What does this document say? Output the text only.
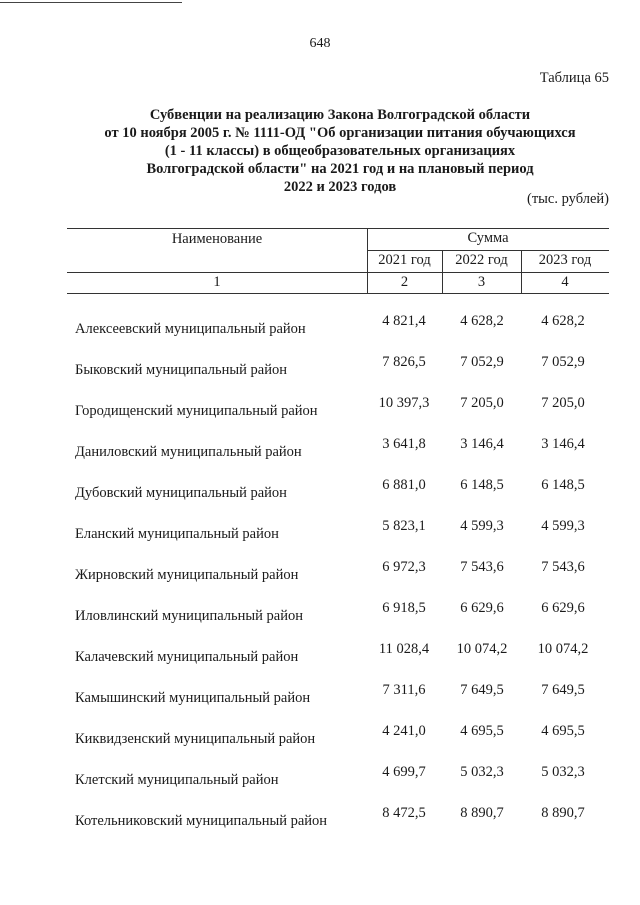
648
Таблица 65
Субвенции на реализацию Закона Волгоградской области
от 10 ноября 2005 г. № 1111-ОД "Об организации питания обучающихся
(1 - 11 классы) в общеобразовательных организациях
Волгоградской области" на 2021 год и на плановый период
2022 и 2023 годов
(тыс. рублей)
Наименование	Сумма
2021 год	2022 год	2023 год
1	2	3	4
Алексеевский муниципальный район	4 821,4	4 628,2	4 628,2
Быковский муниципальный район	7 826,5	7 052,9	7 052,9
Городищенский муниципальный район	10 397,3	7 205,0	7 205,0
Даниловский муниципальный район	3 641,8	3 146,4	3 146,4
Дубовский муниципальный район	6 881,0	6 148,5	6 148,5
Еланский муниципальный район	5 823,1	4 599,3	4 599,3
Жирновский муниципальный район	6 972,3	7 543,6	7 543,6
Иловлинский муниципальный район	6 918,5	6 629,6	6 629,6
Калачевский муниципальный район	11 028,4	10 074,2	10 074,2
Камышинский муниципальный район	7 311,6	7 649,5	7 649,5
Киквидзенский муниципальный район	4 241,0	4 695,5	4 695,5
Клетский муниципальный район	4 699,7	5 032,3	5 032,3
Котельниковский муниципальный район	8 472,5	8 890,7	8 890,7
